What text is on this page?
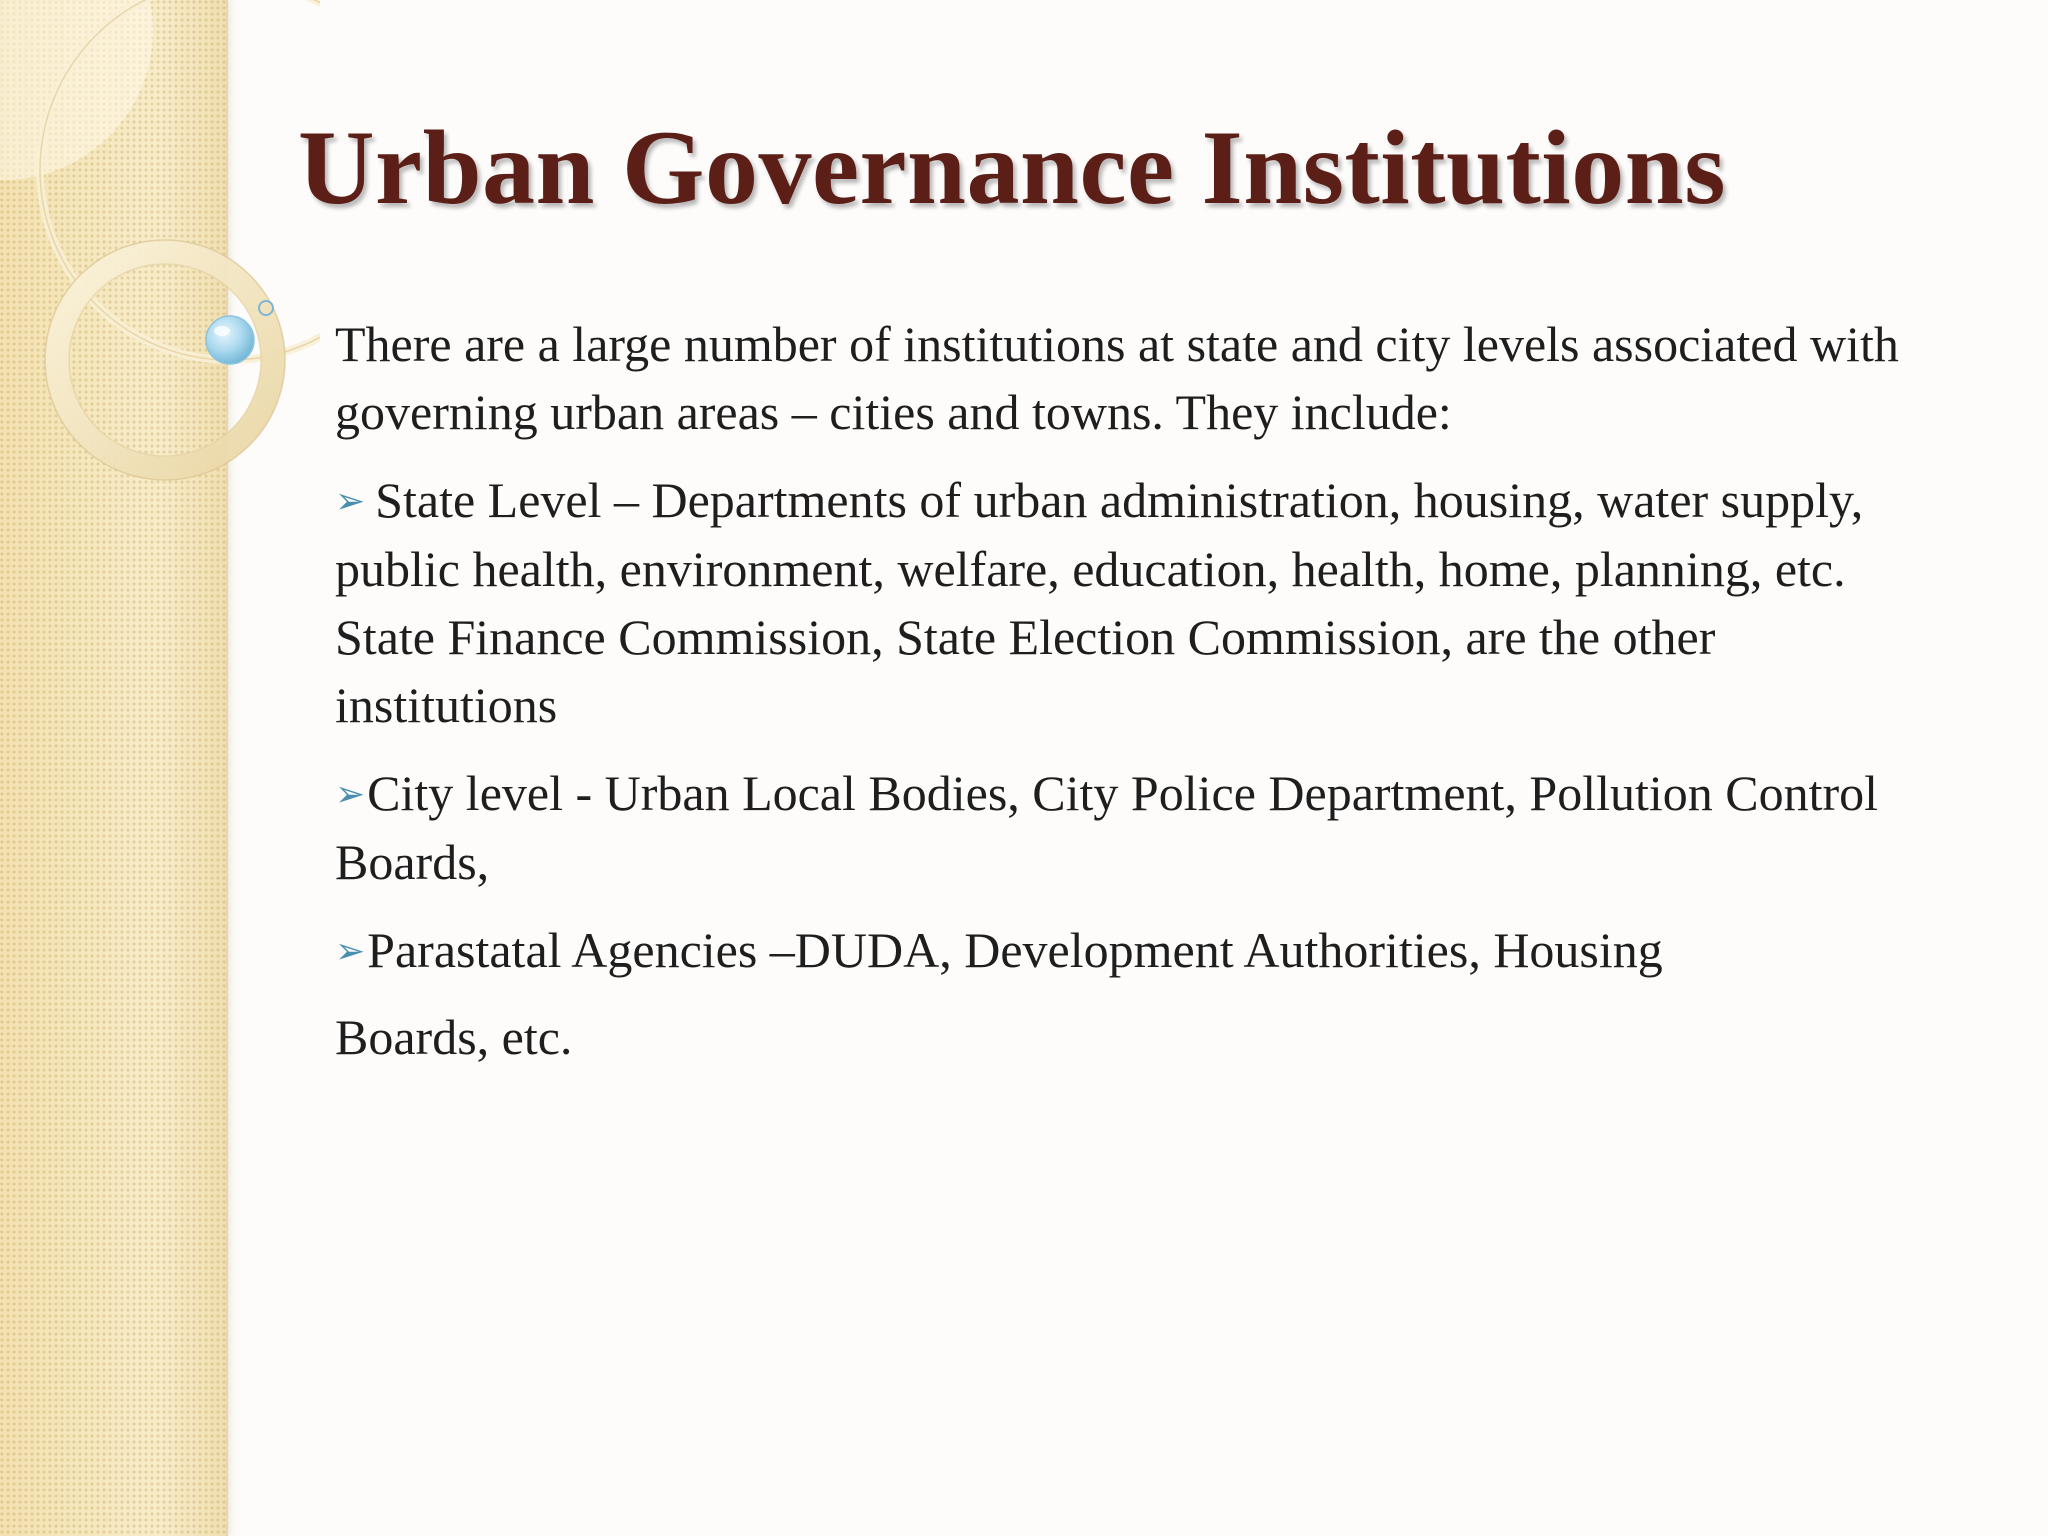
Urban Governance Institutions

There are a large number of institutions at state and city levels associated with governing urban areas – cities and towns. They include:

➢ State Level – Departments of urban administration, housing, water supply, public health, environment, welfare, education, health, home, planning, etc. State Finance Commission, State Election Commission, are the other institutions

➢City level - Urban Local Bodies, City Police Department, Pollution Control Boards,

➢Parastatal Agencies –DUDA, Development Authorities, Housing
Boards, etc.
